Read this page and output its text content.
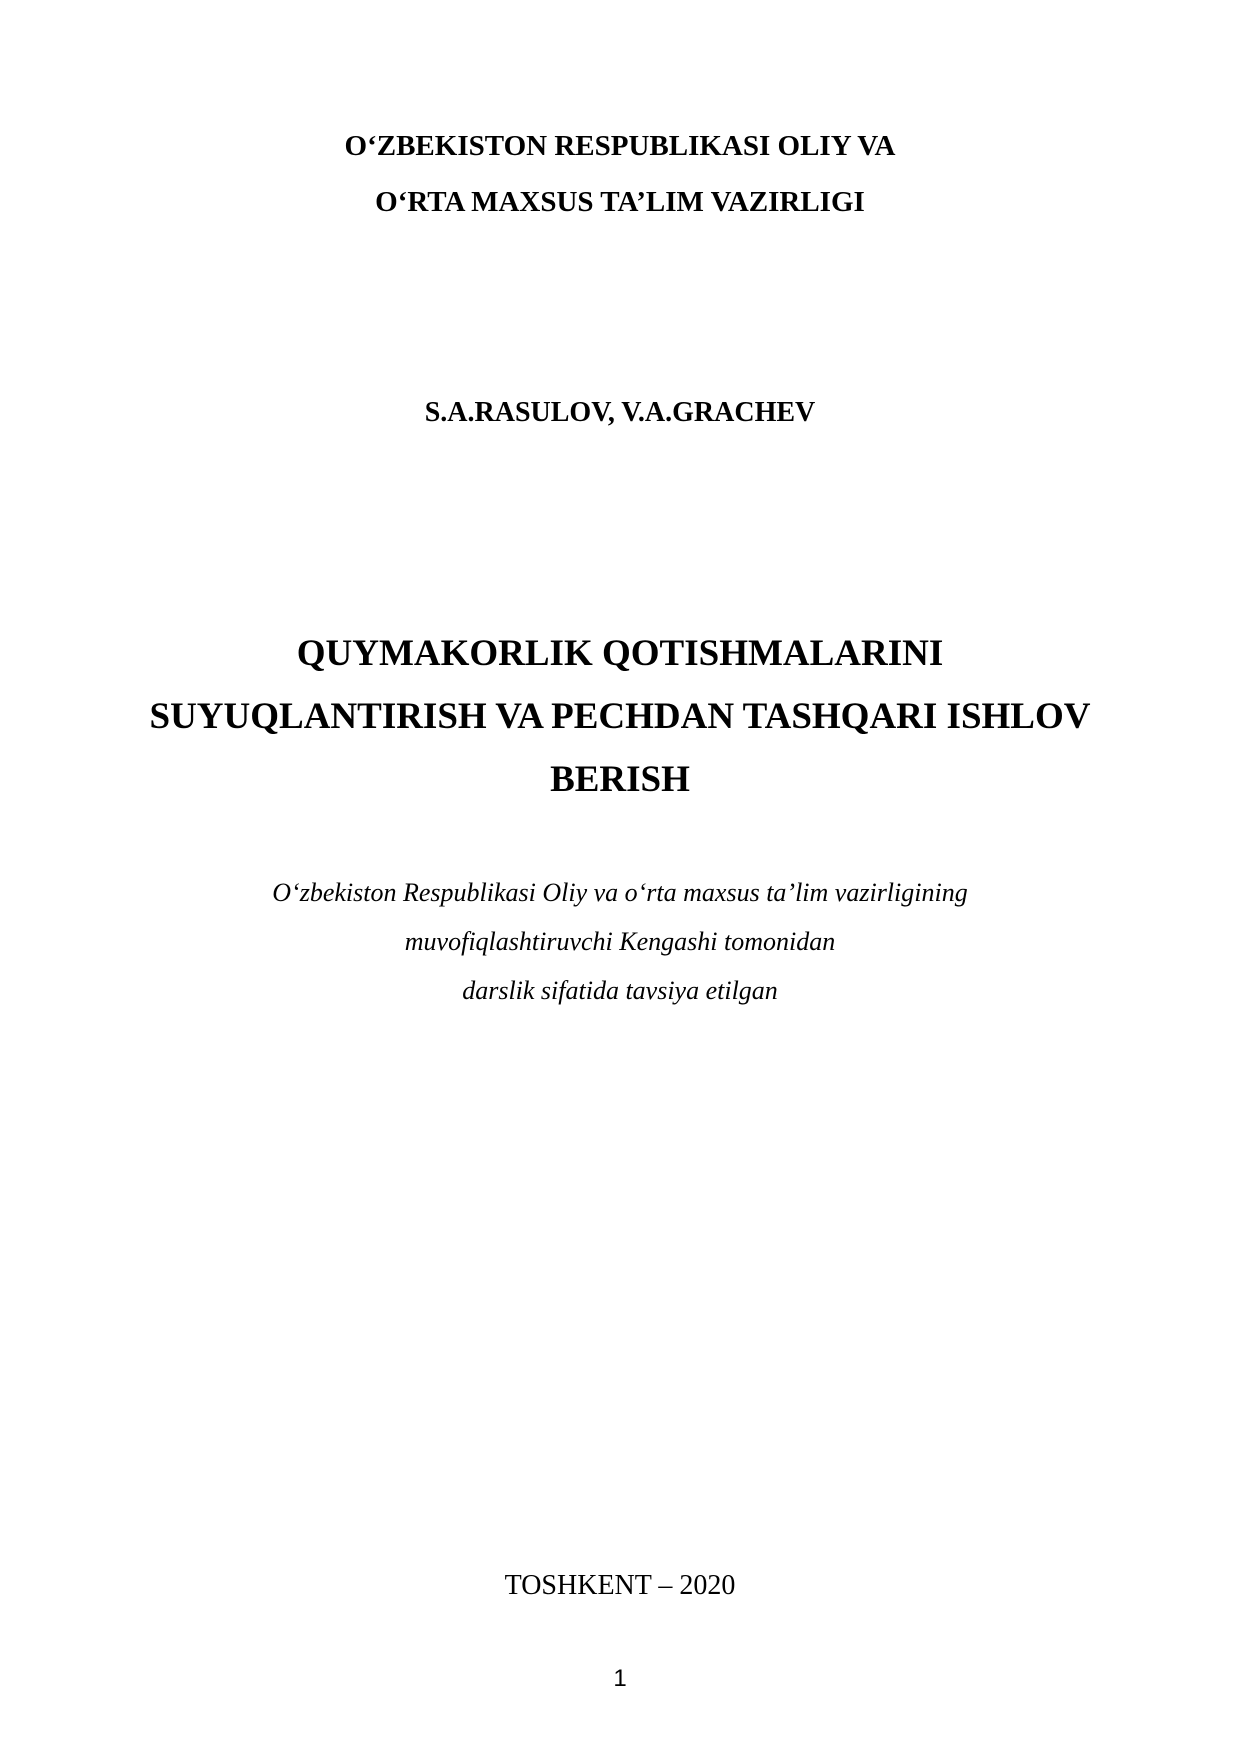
O‘ZBEKISTON RESPUBLIKASI OLIY VA
O‘RTA MAXSUS TA’LIM VAZIRLIGI
S.A.RASULOV, V.A.GRACHEV
QUYMAKORLIK QOTISHMALARINI
SUYUQLANTIRISH VA PECHDAN TASHQARI ISHLOV
BERISH
O‘zbekiston Respublikasi Oliy va o‘rta maxsus ta’lim vazirligining
muvofiqlashtiruvchi Kengashi tomonidan
darslik sifatida tavsiya etilgan
TOSHKENT – 2020
1
